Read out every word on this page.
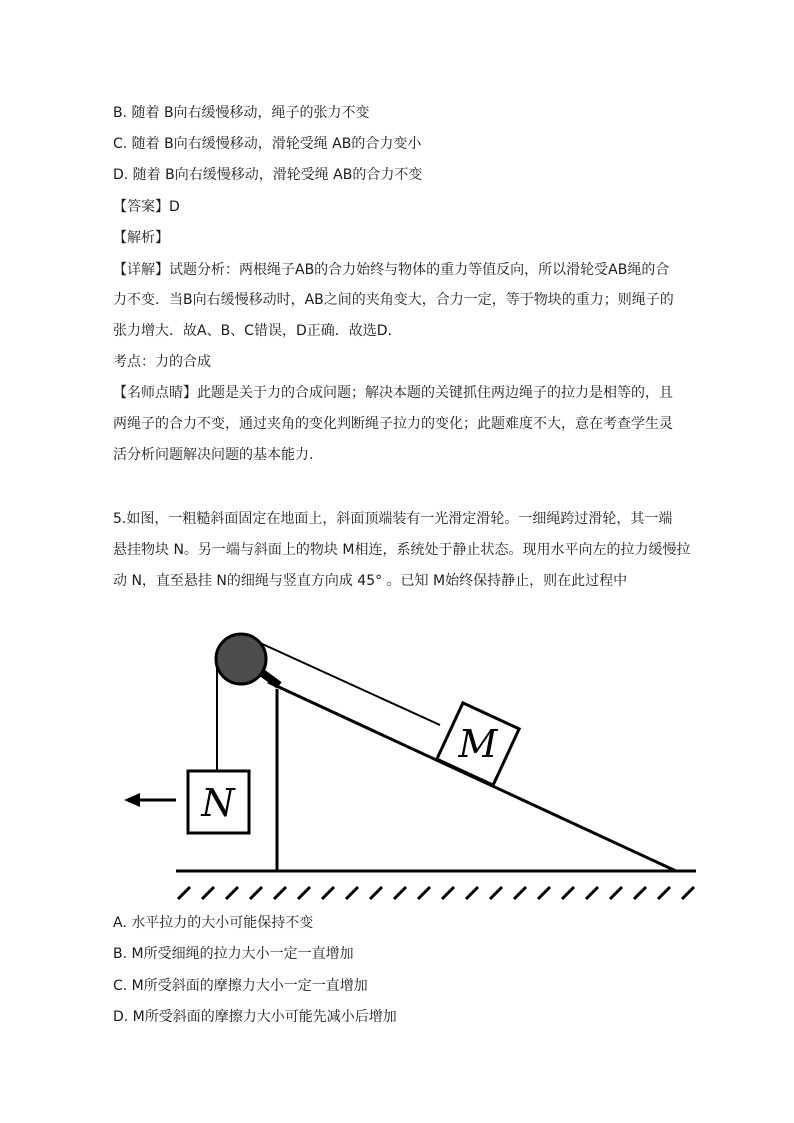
B. 随着 B向右缓慢移动，绳子的张力不变
C. 随着 B向右缓慢移动，滑轮受绳 AB的合力变小
D. 随着 B向右缓慢移动，滑轮受绳 AB的合力不变
【答案】D
【解析】
【详解】试题分析：两根绳子AB的合力始终与物体的重力等值反向，所以滑轮受AB绳的合
力不变．当B向右缓慢移动时，AB之间的夹角变大，合力一定，等于物块的重力；则绳子的
张力增大．故A、B、C错误，D正确．故选D.
考点：力的合成
【名师点睛】此题是关于力的合成问题；解决本题的关键抓住两边绳子的拉力是相等的，且
两绳子的合力不变，通过夹角的变化判断绳子拉力的变化；此题难度不大，意在考查学生灵
活分析问题解决问题的基本能力.
5.如图，一粗糙斜面固定在地面上，斜面顶端装有一光滑定滑轮。一细绳跨过滑轮，其一端
悬挂物块 N。另一端与斜面上的物块 M相连，系统处于静止状态。现用水平向左的拉力缓慢拉
动 N，直至悬挂 N的细绳与竖直方向成 45° 。已知 M始终保持静止，则在此过程中
M
N
A. 水平拉力的大小可能保持不变
B. M所受细绳的拉力大小一定一直增加
C. M所受斜面的摩擦力大小一定一直增加
D. M所受斜面的摩擦力大小可能先减小后增加
